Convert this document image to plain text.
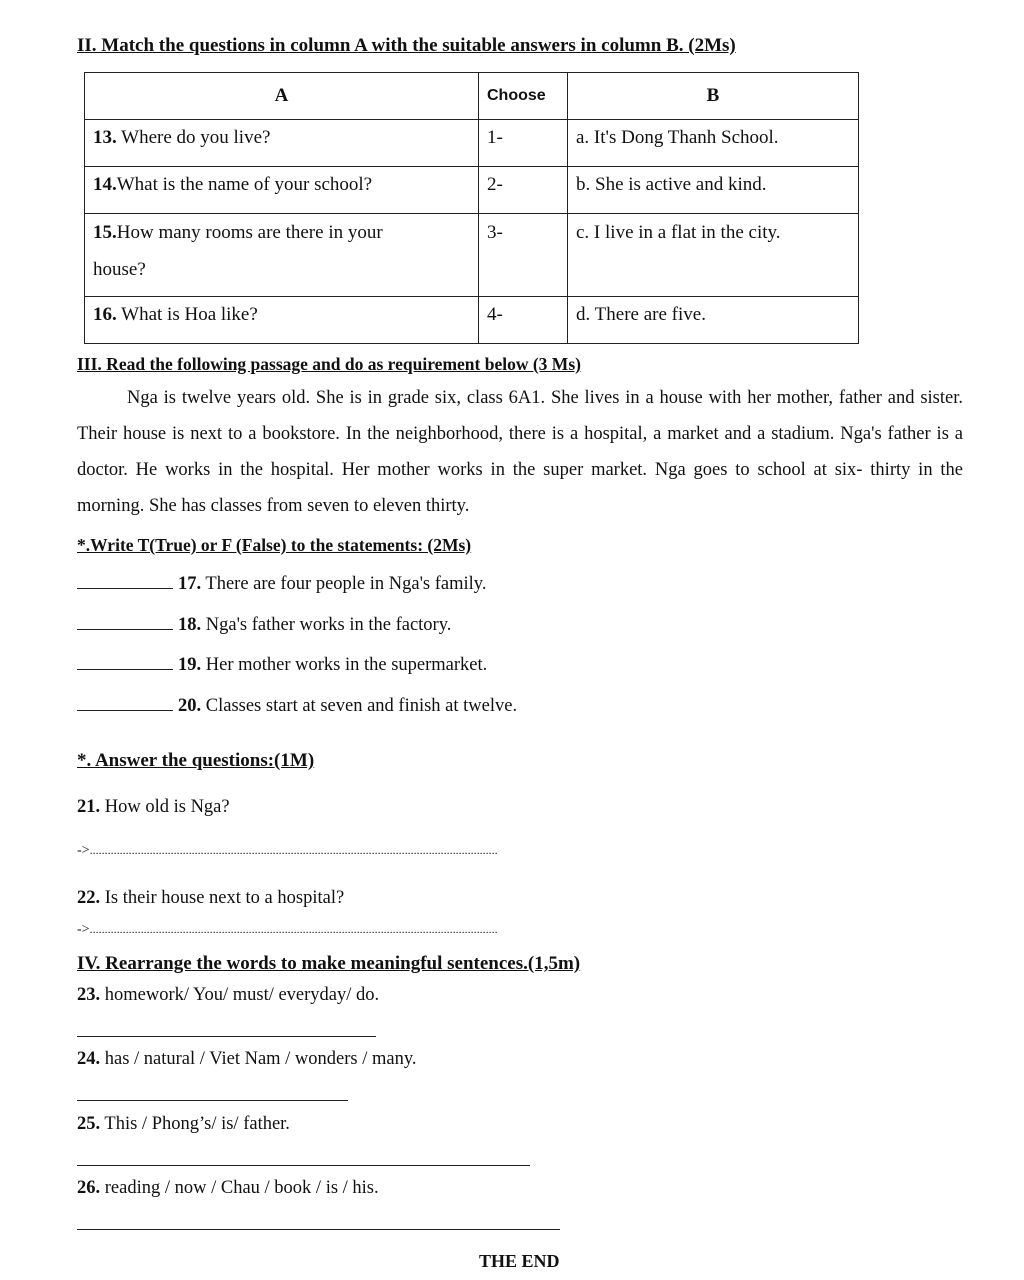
II. Match the questions in column A with the suitable answers in column B. (2Ms)
A	Choose	B
13. Where do you live?	1-	a. It's Dong Thanh School.
14.What is the name of your school?	2-	b. She is active and kind.
15.How many rooms are there in your
house?	3-	c. I live in a flat in the city.
16. What is Hoa like?	4-	d. There are five.
III. Read the following passage and do as requirement below (3 Ms)

Nga is twelve years old. She is in grade six, class 6A1. She lives in a house with her mother, father and sister. Their house is next to a bookstore. In the neighborhood, there is a hospital, a market and a stadium. Nga's father is a doctor. He works in the hospital. Her mother works in the super market. Nga goes to school at six- thirty in the morning. She has classes from seven to eleven thirty.

*.Write T(True) or F (False) to the statements: (2Ms)
17. There are four people in Nga's family.
18. Nga's father works in the factory.
19. Her mother works in the supermarket.
20. Classes start at seven and finish at twelve.
*. Answer the questions:(1M)
21. How old is Nga?
->........................................................................................................................................
22. Is their house next to a hospital?
->........................................................................................................................................
IV. Rearrange the words to make meaningful sentences.(1,5m)
23. homework/ You/ must/ everyday/ do.
24. has / natural / Viet Nam / wonders / many.
25. This / Phong’s/ is/ father.
26. reading / now / Chau / book / is / his.
THE END
